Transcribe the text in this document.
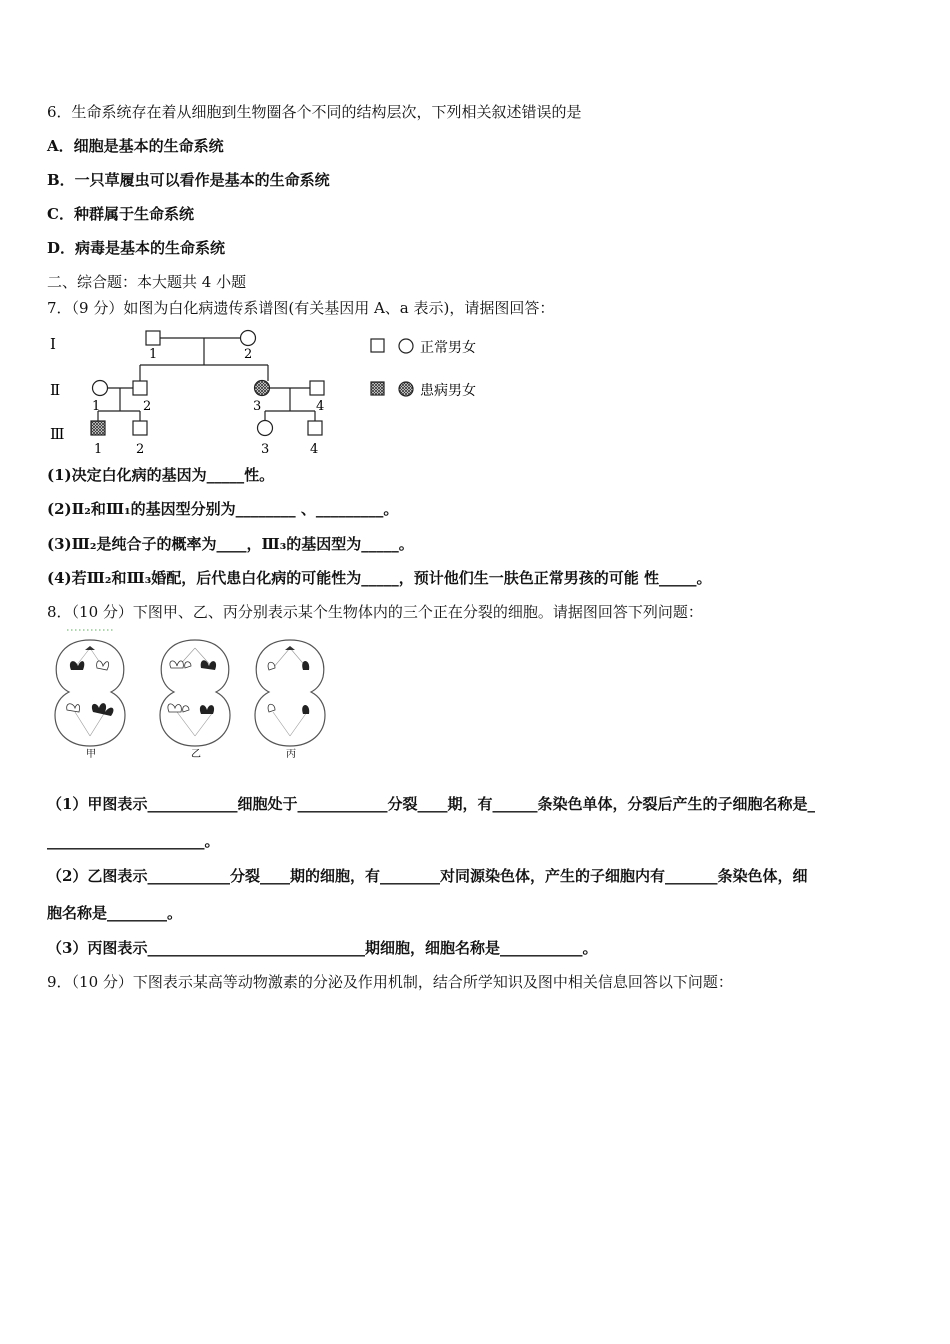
6．生命系统存在着从细胞到生物圈各个不同的结构层次，下列相关叙述错误的是
A．细胞是基本的生命系统
B．一只草履虫可以看作是基本的生命系统
C．种群属于生命系统
D．病毒是基本的生命系统
二、综合题：本大题共 4 小题
7．（9 分）如图为白化病遗传系谱图(有关基因用 A、a 表示)，请据图回答：
Ⅰ
Ⅱ
Ⅲ
1	2
1	2	3	4
1	2	3	4
正常男女
患病男女
(1)决定白化病的基因为_____性。
(2)Ⅱ₂和Ⅲ₁的基因型分别为________ 、_________。
(3)Ⅲ₂是纯合子的概率为____，Ⅲ₃的基因型为_____。
(4)若Ⅲ₂和Ⅲ₃婚配，后代患白化病的可能性为_____，预计他们生一肤色正常男孩的可能 性_____。
8．（10 分）下图甲、乙、丙分别表示某个生物体内的三个正在分裂的细胞。请据图回答下列问题：
甲	乙	丙
（1）甲图表示____________细胞处于____________分裂____期，有______条染色单体，分裂后产生的子细胞名称是_
_____________________。
（2）乙图表示___________分裂____期的细胞，有________对同源染色体，产生的子细胞内有_______条染色体，细
胞名称是________。
（3）丙图表示_____________________________期细胞，细胞名称是___________。
9．（10 分）下图表示某高等动物激素的分泌及作用机制，结合所学知识及图中相关信息回答以下问题：
